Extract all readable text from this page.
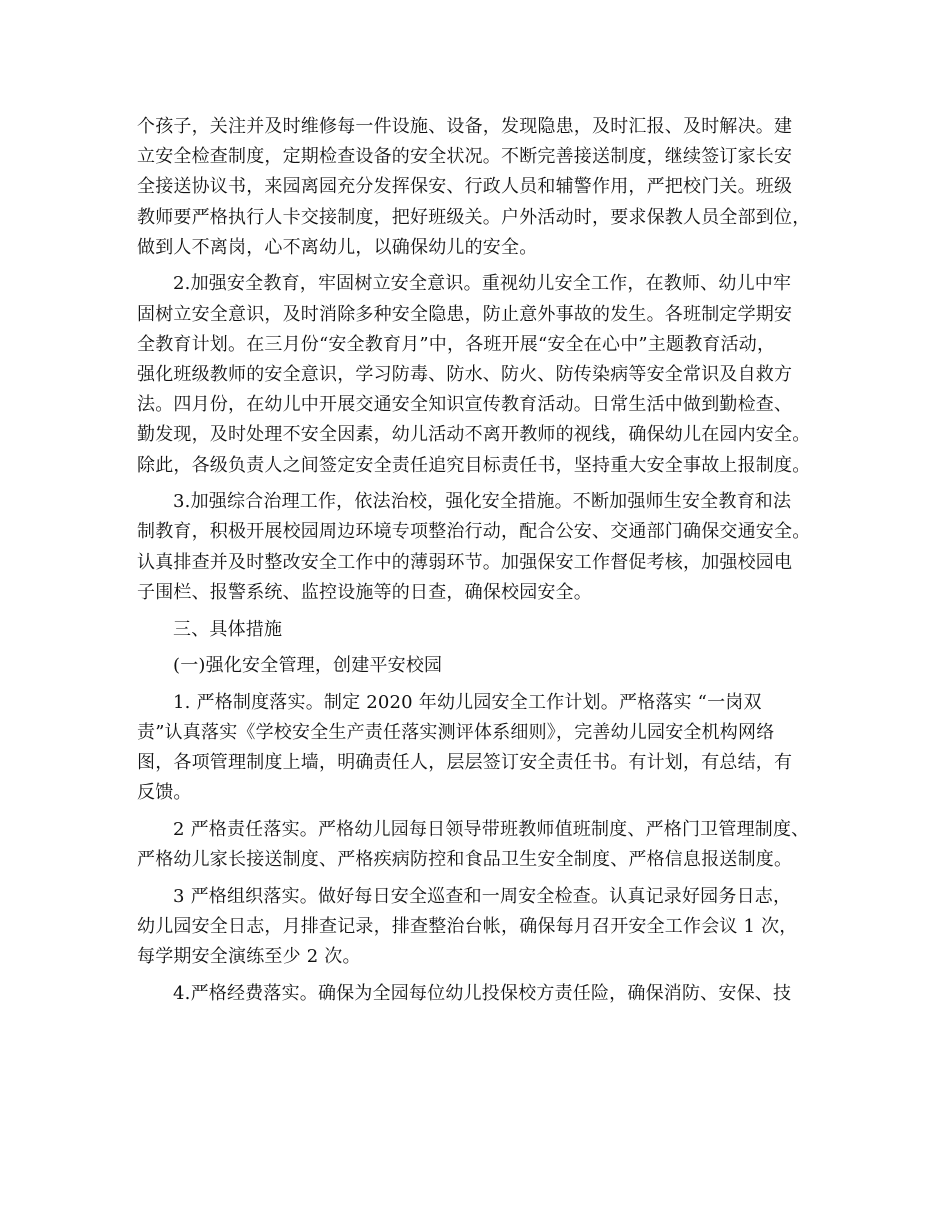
个孩子，关注并及时维修每一件设施、设备，发现隐患，及时汇报、及时解决。建
立安全检查制度，定期检查设备的安全状况。不断完善接送制度，继续签订家长安
全接送协议书，来园离园充分发挥保安、行政人员和辅警作用，严把校门关。班级
教师要严格执行人卡交接制度，把好班级关。户外活动时，要求保教人员全部到位，
做到人不离岗，心不离幼儿，以确保幼儿的安全。
2.加强安全教育，牢固树立安全意识。重视幼儿安全工作，在教师、幼儿中牢
固树立安全意识，及时消除多种安全隐患，防止意外事故的发生。各班制定学期安
全教育计划。在三月份“安全教育月”中，各班开展“安全在心中”主题教育活动，
强化班级教师的安全意识，学习防毒、防水、防火、防传染病等安全常识及自救方
法。四月份，在幼儿中开展交通安全知识宣传教育活动。日常生活中做到勤检查、
勤发现，及时处理不安全因素，幼儿活动不离开教师的视线，确保幼儿在园内安全。
除此，各级负责人之间签定安全责任追究目标责任书，坚持重大安全事故上报制度。
3.加强综合治理工作，依法治校，强化安全措施。不断加强师生安全教育和法
制教育，积极开展校园周边环境专项整治行动，配合公安、交通部门确保交通安全。
认真排查并及时整改安全工作中的薄弱环节。加强保安工作督促考核，加强校园电
子围栏、报警系统、监控设施等的日查，确保校园安全。
三、具体措施
(一)强化安全管理，创建平安校园
1. 严格制度落实。制定 2020 年幼儿园安全工作计划。严格落实 “一岗双
责”认真落实《学校安全生产责任落实测评体系细则》，完善幼儿园安全机构网络
图，各项管理制度上墙，明确责任人，层层签订安全责任书。有计划，有总结，有
反馈。
2 严格责任落实。严格幼儿园每日领导带班教师值班制度、严格门卫管理制度、
严格幼儿家长接送制度、严格疾病防控和食品卫生安全制度、严格信息报送制度。
3 严格组织落实。做好每日安全巡查和一周安全检查。认真记录好园务日志，
幼儿园安全日志，月排查记录，排查整治台帐，确保每月召开安全工作会议 1 次，
每学期安全演练至少 2 次。
4.严格经费落实。确保为全园每位幼儿投保校方责任险，确保消防、安保、技
